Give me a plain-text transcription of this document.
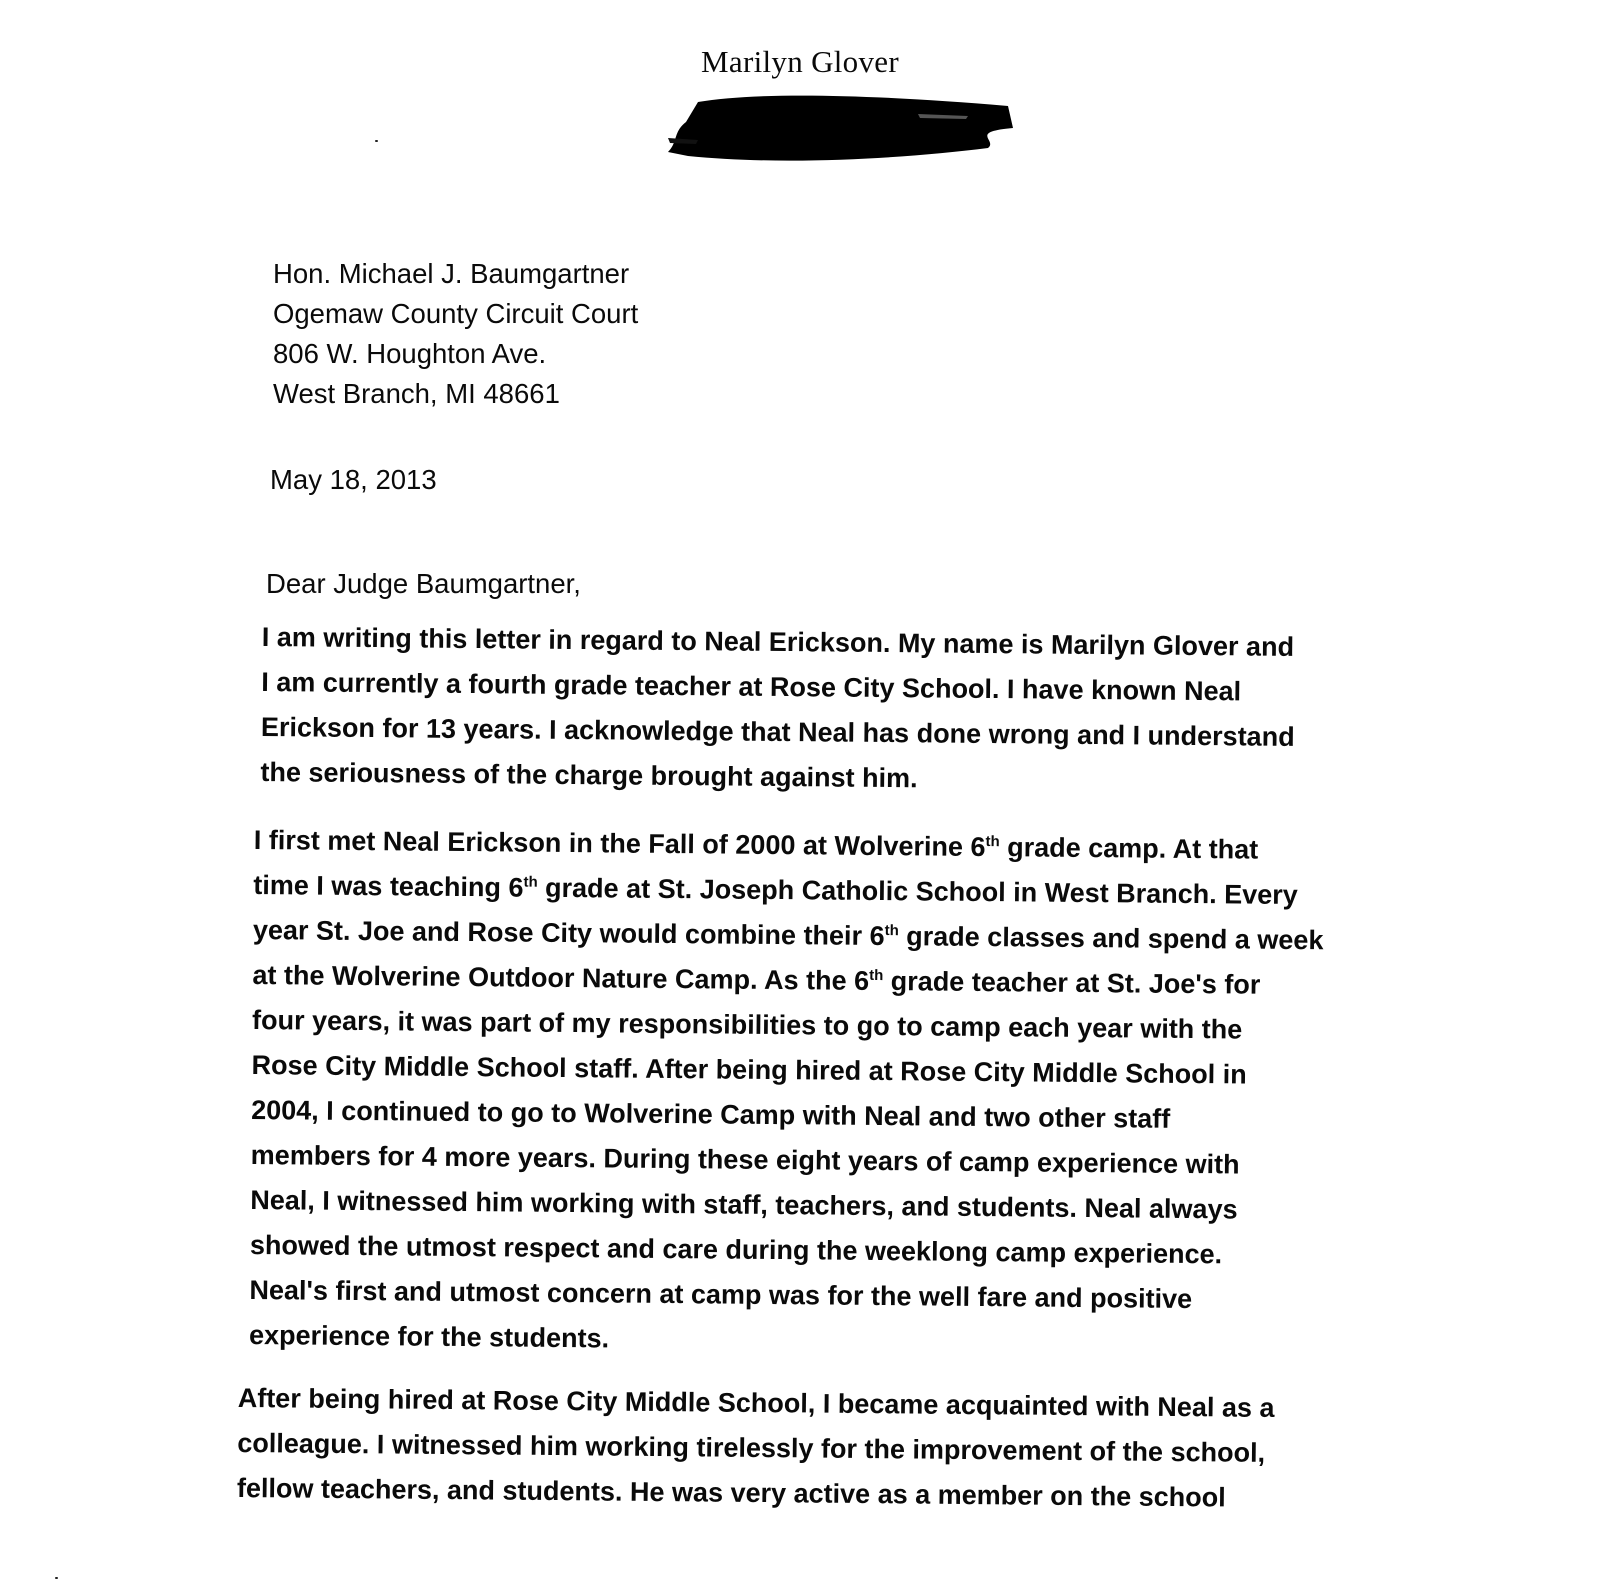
Marilyn Glover
Hon. Michael J. Baumgartner
Ogemaw County Circuit Court
806 W. Houghton Ave.
West Branch, MI 48661
May 18, 2013
Dear Judge Baumgartner,

I am writing this letter in regard to Neal Erickson. My name is Marilyn Glover and

I am currently a fourth grade teacher at Rose City School. I have known Neal

Erickson for 13 years. I acknowledge that Neal has done wrong and I understand

the seriousness of the charge brought against him.

I first met Neal Erickson in the Fall of 2000 at Wolverine 6th grade camp. At that

time I was teaching 6th grade at St. Joseph Catholic School in West Branch. Every

year St. Joe and Rose City would combine their 6th grade classes and spend a week

at the Wolverine Outdoor Nature Camp. As the 6th grade teacher at St. Joe's for

four years, it was part of my responsibilities to go to camp each year with the

Rose City Middle School staff. After being hired at Rose City Middle School in

2004, I continued to go to Wolverine Camp with Neal and two other staff

members for 4 more years. During these eight years of camp experience with

Neal, I witnessed him working with staff, teachers, and students. Neal always

showed the utmost respect and care during the weeklong camp experience.

Neal's first and utmost concern at camp was for the well fare and positive

experience for the students.

After being hired at Rose City Middle School, I became acquainted with Neal as a

colleague. I witnessed him working tirelessly for the improvement of the school,

fellow teachers, and students. He was very active as a member on the school
